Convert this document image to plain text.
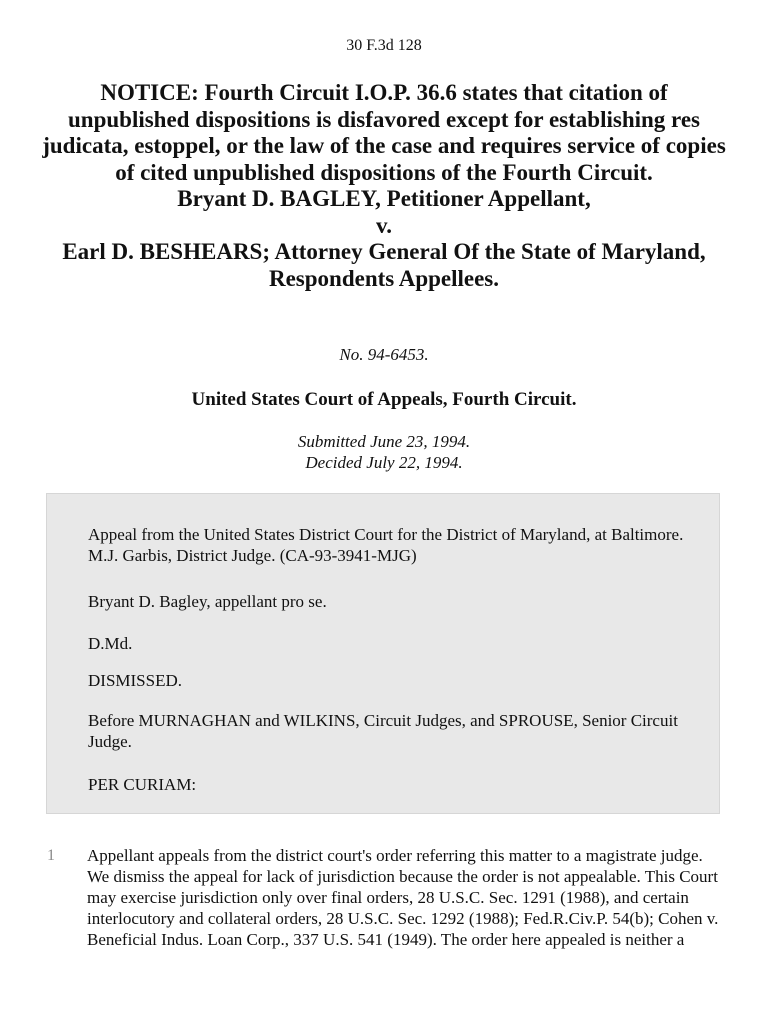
30 F.3d 128
NOTICE: Fourth Circuit I.O.P. 36.6 states that citation of unpublished dispositions is disfavored except for establishing res judicata, estoppel, or the law of the case and requires service of copies of cited unpublished dispositions of the Fourth Circuit.
Bryant D. BAGLEY, Petitioner Appellant,
v.
Earl D. BESHEARS; Attorney General Of the State of Maryland, Respondents Appellees.
No. 94-6453.
United States Court of Appeals, Fourth Circuit.
Submitted June 23, 1994.
Decided July 22, 1994.

Appeal from the United States District Court for the District of Maryland, at Baltimore. M.J. Garbis, District Judge. (CA-93-3941-MJG)

Bryant D. Bagley, appellant pro se.

D.Md.

DISMISSED.

Before MURNAGHAN and WILKINS, Circuit Judges, and SPROUSE, Senior Circuit Judge.

PER CURIAM:

1 Appellant appeals from the district court's order referring this matter to a magistrate judge. We dismiss the appeal for lack of jurisdiction because the order is not appealable. This Court may exercise jurisdiction only over final orders, 28 U.S.C. Sec. 1291 (1988), and certain interlocutory and collateral orders, 28 U.S.C. Sec. 1292 (1988); Fed.R.Civ.P. 54(b); Cohen v. Beneficial Indus. Loan Corp., 337 U.S. 541 (1949). The order here appealed is neither a
